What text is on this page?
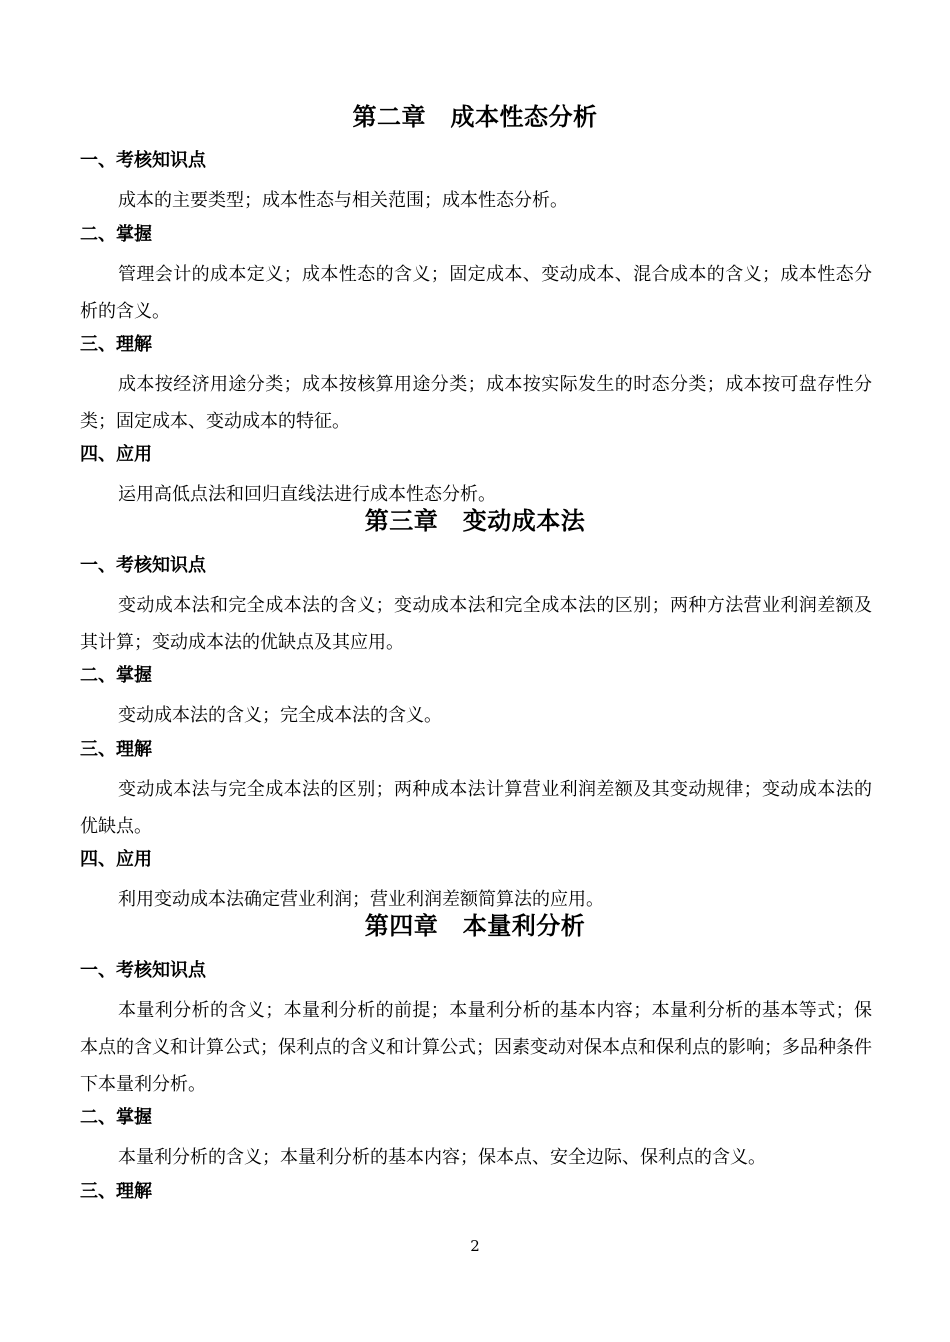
第二章　成本性态分析
一、考核知识点

成本的主要类型；成本性态与相关范围；成本性态分析。

二、掌握

管理会计的成本定义；成本性态的含义；固定成本、变动成本、混合成本的含义；成本性态分析的含义。

三、理解

成本按经济用途分类；成本按核算用途分类；成本按实际发生的时态分类；成本按可盘存性分类；固定成本、变动成本的特征。

四、应用

运用高低点法和回归直线法进行成本性态分析。

第三章　变动成本法
一、考核知识点

变动成本法和完全成本法的含义；变动成本法和完全成本法的区别；两种方法营业利润差额及其计算；变动成本法的优缺点及其应用。

二、掌握

变动成本法的含义；完全成本法的含义。

三、理解

变动成本法与完全成本法的区别；两种成本法计算营业利润差额及其变动规律；变动成本法的优缺点。

四、应用

利用变动成本法确定营业利润；营业利润差额简算法的应用。

第四章　本量利分析
一、考核知识点

本量利分析的含义；本量利分析的前提；本量利分析的基本内容；本量利分析的基本等式；保本点的含义和计算公式；保利点的含义和计算公式；因素变动对保本点和保利点的影响；多品种条件下本量利分析。

二、掌握

本量利分析的含义；本量利分析的基本内容；保本点、安全边际、保利点的含义。

三、理解
2
